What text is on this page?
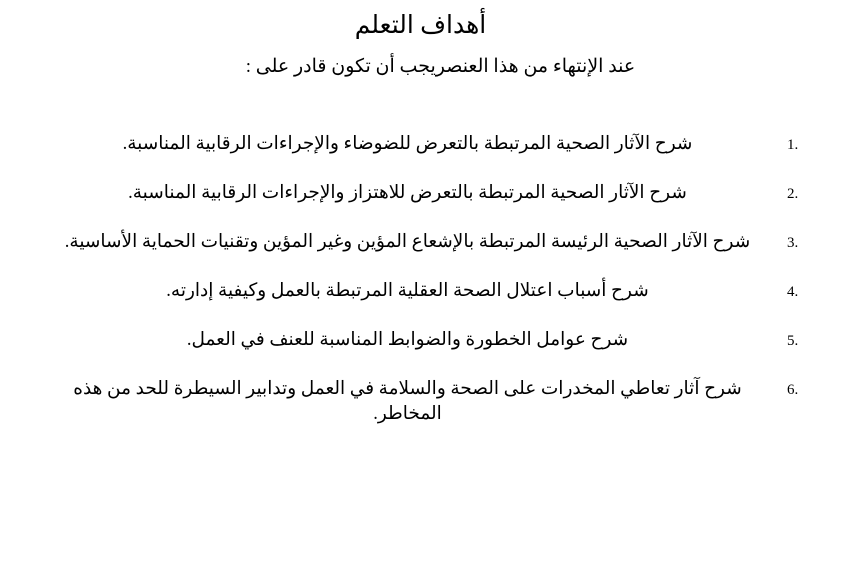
أهداف التعلم
عند الإنتهاء من هذا العنصريجب أن تكون قادر على :
1.
شرح الآثار الصحية المرتبطة بالتعرض للضوضاء والإجراءات الرقابية المناسبة.
2.
شرح الآثار الصحية المرتبطة بالتعرض للاهتزاز والإجراءات الرقابية المناسبة.
3.
شرح الآثار الصحية الرئيسة المرتبطة بالإشعاع المؤين وغير المؤين وتقنيات الحماية الأساسية.
4.
شرح أسباب اعتلال الصحة العقلية المرتبطة بالعمل وكيفية إدارته.
5.
شرح عوامل الخطورة والضوابط المناسبة للعنف في العمل.
6.
شرح آثار تعاطي المخدرات على الصحة والسلامة في العمل وتدابير السيطرة للحد من هذه المخاطر.
